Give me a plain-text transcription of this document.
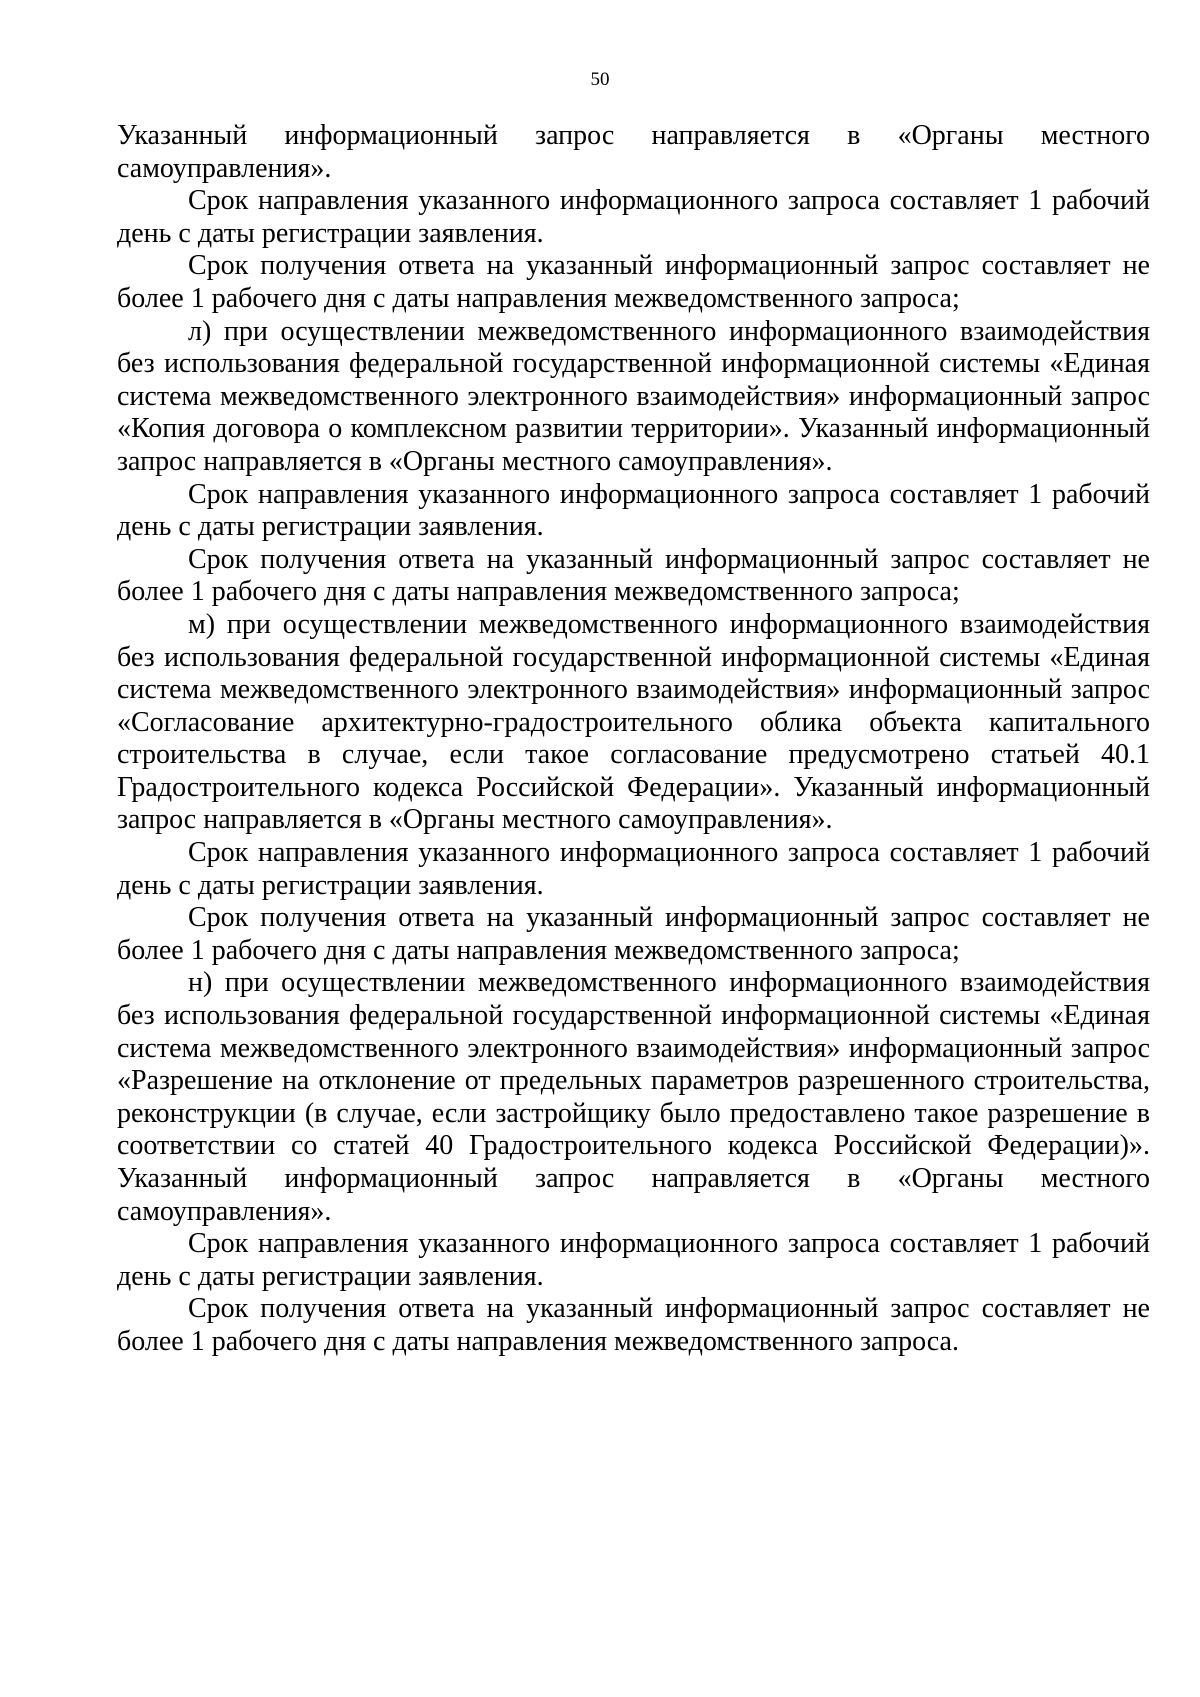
50

Указанный информационный запрос направляется в «Органы местного самоуправления».

Срок направления указанного информационного запроса составляет 1 рабочий день с даты регистрации заявления.

Срок получения ответа на указанный информационный запрос составляет не более 1 рабочего дня с даты направления межведомственного запроса;

л) при осуществлении межведомственного информационного взаимодействия без использования федеральной государственной информационной системы «Единая система межведомственного электронного взаимодействия» информационный запрос «Копия договора о комплексном развитии территории». Указанный информационный запрос направляется в «Органы местного самоуправления».

Срок направления указанного информационного запроса составляет 1 рабочий день с даты регистрации заявления.

Срок получения ответа на указанный информационный запрос составляет не более 1 рабочего дня с даты направления межведомственного запроса;

м) при осуществлении межведомственного информационного взаимодействия без использования федеральной государственной информационной системы «Единая система межведомственного электронного взаимодействия» информационный запрос «Согласование архитектурно-градостроительного облика объекта капитального строительства в случае, если такое согласование предусмотрено статьей 40.1 Градостроительного кодекса Российской Федерации». Указанный информационный запрос направляется в «Органы местного самоуправления».

Срок направления указанного информационного запроса составляет 1 рабочий день с даты регистрации заявления.

Срок получения ответа на указанный информационный запрос составляет не более 1 рабочего дня с даты направления межведомственного запроса;

н) при осуществлении межведомственного информационного взаимодействия без использования федеральной государственной информационной системы «Единая система межведомственного электронного взаимодействия» информационный запрос «Разрешение на отклонение от предельных параметров разрешенного строительства, реконструкции (в случае, если застройщику было предоставлено такое разрешение в соответствии со статей 40 Градостроительного кодекса Российской Федерации)». Указанный информационный запрос направляется в «Органы местного самоуправления».

Срок направления указанного информационного запроса составляет 1 рабочий день с даты регистрации заявления.

Срок получения ответа на указанный информационный запрос составляет не более 1 рабочего дня с даты направления межведомственного запроса.
